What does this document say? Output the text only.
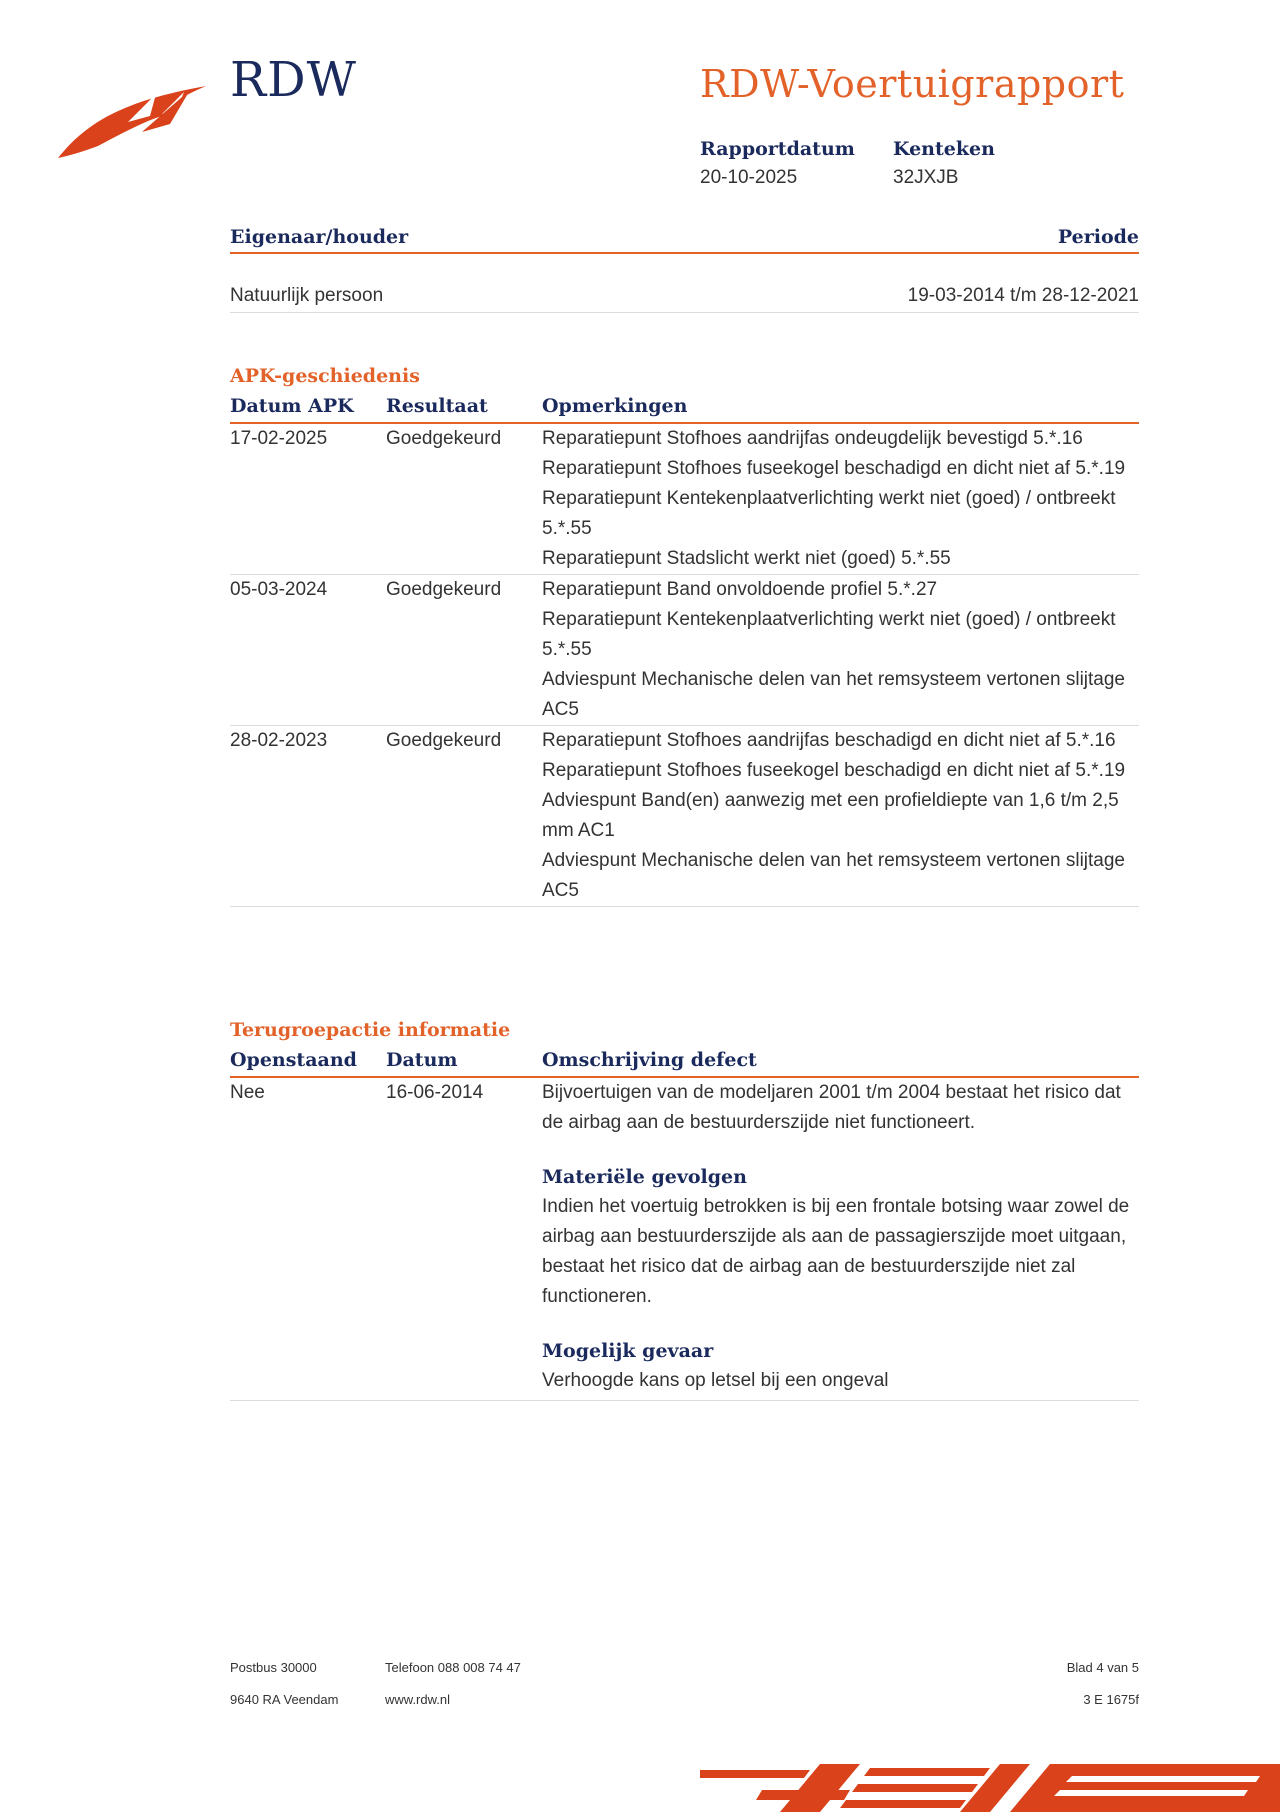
RDW	RDW-Voertuigrapport
Rapportdatum
20-10-2025
Kenteken
32JXJB
Eigenaar/houder	Periode
Natuurlijk persoon	19-03-2014 t/m 28-12-2021
APK-geschiedenis
Datum APK	Resultaat	Opmerkingen
17-02-2025	Goedgekeurd	Reparatiepunt Stofhoes aandrijfas ondeugdelijk bevestigd 5.*.16
Reparatiepunt Stofhoes fuseekogel beschadigd en dicht niet af 5.*.19
Reparatiepunt Kentekenplaatverlichting werkt niet (goed) / ontbreekt 5.*.55
Reparatiepunt Stadslicht werkt niet (goed) 5.*.55

05-03-2024	Goedgekeurd	Reparatiepunt Band onvoldoende profiel 5.*.27
Reparatiepunt Kentekenplaatverlichting werkt niet (goed) / ontbreekt 5.*.55
Adviespunt Mechanische delen van het remsysteem vertonen slijtage AC5

28-02-2023	Goedgekeurd	Reparatiepunt Stofhoes aandrijfas beschadigd en dicht niet af 5.*.16
Reparatiepunt Stofhoes fuseekogel beschadigd en dicht niet af 5.*.19
Adviespunt Band(en) aanwezig met een profieldiepte van 1,6 t/m 2,5 mm AC1
Adviespunt Mechanische delen van het remsysteem vertonen slijtage AC5
Terugroepactie informatie
Openstaand	Datum	Omschrijving defect
Nee	16-06-2014	Bijvoertuigen van de modeljaren 2001 t/m 2004 bestaat het risico dat de airbag aan de bestuurderszijde niet functioneert.
Materiële gevolgen
Indien het voertuig betrokken is bij een frontale botsing waar zowel de airbag aan bestuurderszijde als aan de passagierszijde moet uitgaan, bestaat het risico dat de airbag aan de bestuurderszijde niet zal functioneren.
Mogelijk gevaar
Verhoogde kans op letsel bij een ongeval
Postbus 30000
9640 RA Veendam
Telefoon 088 008 74 47
www.rdw.nl
Blad 4 van 5
3 E 1675f
